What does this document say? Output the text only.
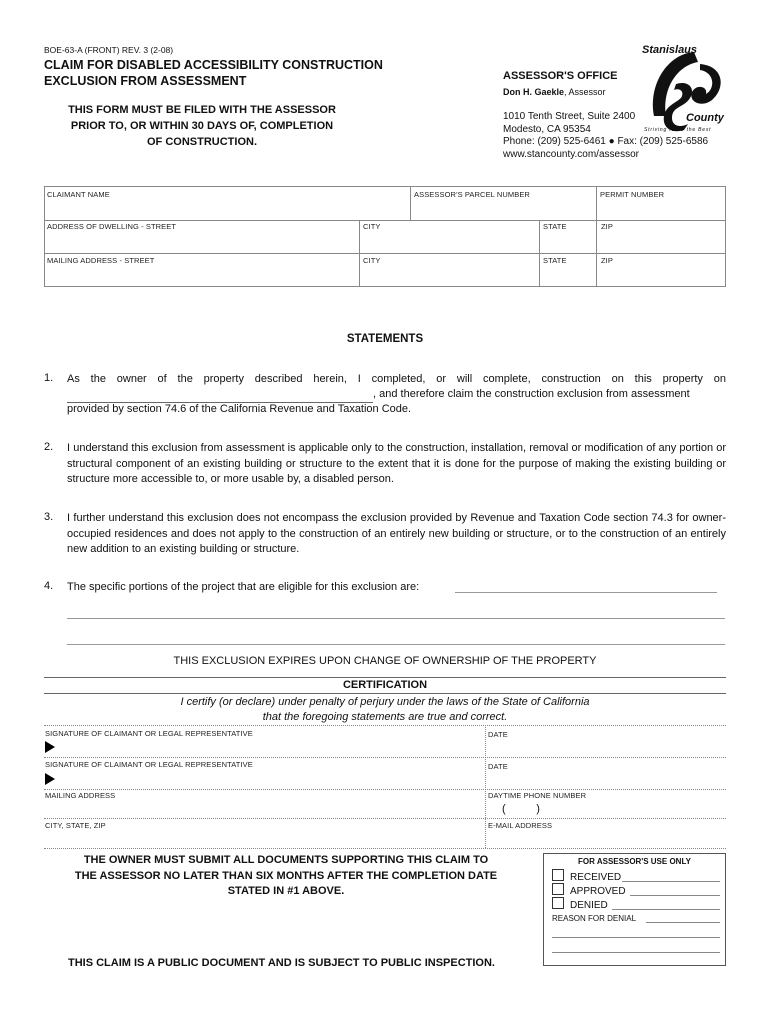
BOE-63-A (FRONT) REV. 3 (2-08)
CLAIM FOR DISABLED ACCESSIBILITY CONSTRUCTION
EXCLUSION FROM ASSESSMENT
THIS FORM MUST BE FILED WITH THE ASSESSOR
PRIOR TO, OR WITHIN 30 DAYS OF, COMPLETION
OF CONSTRUCTION.
ASSESSOR'S OFFICE
Don H. Gaekle, Assessor
1010 Tenth Street, Suite 2400
Modesto, CA 95354
Phone: (209) 525-6461 ● Fax: (209) 525-6586
www.stancounty.com/assessor
Stanislaus
County
Striving to be the Best
CLAIMANT NAME	ASSESSOR'S PARCEL NUMBER	PERMIT NUMBER
ADDRESS OF DWELLING - STREET	CITY	STATE	ZIP
MAILING ADDRESS - STREET	CITY	STATE	ZIP
STATEMENTS
1. As the owner of the property described herein, I completed, or will complete, construction on this property on
, and therefore claim the construction exclusion from assessment
provided by section 74.6 of the California Revenue and Taxation Code.
2. I understand this exclusion from assessment is applicable only to the construction, installation, removal or modification of any portion or structural component of an existing building or structure to the extent that it is done for the purpose of making the existing building or structure more accessible to, or more usable by, a disabled person.
3. I further understand this exclusion does not encompass the exclusion provided by Revenue and Taxation Code section 74.3 for owner-occupied residences and does not apply to the construction of an entirely new building or structure, or to the construction of an entirely new addition to an existing building or structure.
4. The specific portions of the project that are eligible for this exclusion are:
THIS EXCLUSION EXPIRES UPON CHANGE OF OWNERSHIP OF THE PROPERTY
CERTIFICATION
I certify (or declare) under penalty of perjury under the laws of the State of California
that the foregoing statements are true and correct.
SIGNATURE OF CLAIMANT OR LEGAL REPRESENTATIVE	DATE
SIGNATURE OF CLAIMANT OR LEGAL REPRESENTATIVE	DATE
MAILING ADDRESS	DAYTIME PHONE NUMBER
(          )
CITY, STATE, ZIP	E-MAIL ADDRESS
THE OWNER MUST SUBMIT ALL DOCUMENTS SUPPORTING THIS CLAIM TO
THE ASSESSOR NO LATER THAN SIX MONTHS AFTER THE COMPLETION DATE
STATED IN #1 ABOVE.
THIS CLAIM IS A PUBLIC DOCUMENT AND IS SUBJECT TO PUBLIC INSPECTION.
FOR ASSESSOR'S USE ONLY
RECEIVED
APPROVED
DENIED
REASON FOR DENIAL
